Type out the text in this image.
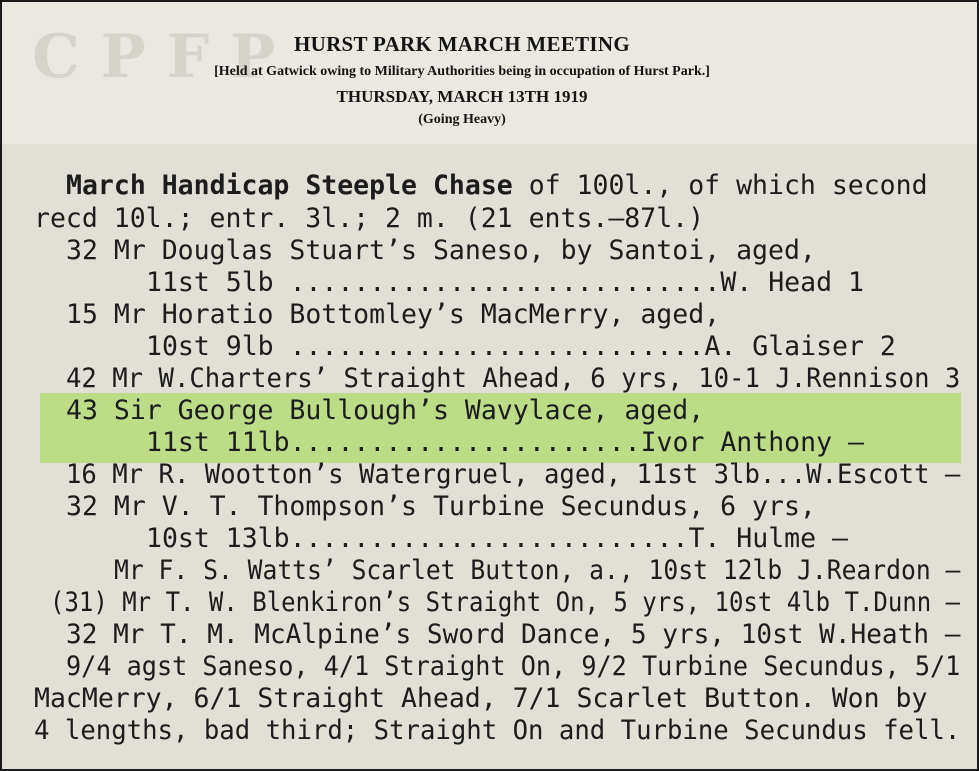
C P F P HURST PARK MARCH MEETING
[Held at Gatwick owing to Military Authorities being in occupation of Hurst Park.]
THURSDAY, MARCH 13TH 1919
(Going Heavy)
March Handicap Steeple Chase of 100l., of which second
recd 10l.; entr. 3l.; 2 m. (21 ents.—87l.)
32 Mr Douglas Stuart’s Saneso, by Santoi, aged,
11st 5lb ...........................W. Head 1
15 Mr Horatio Bottomley’s MacMerry, aged,
10st 9lb ..........................A. Glaiser 2
42 Mr W.Charters’ Straight Ahead, 6 yrs, 10-1 J.Rennison 3
43 Sir George Bullough’s Wavylace, aged,
11st 11lb......................Ivor Anthony –
16 Mr R. Wootton’s Watergruel, aged, 11st 3lb...W.Escott –
32 Mr V. T. Thompson’s Turbine Secundus, 6 yrs,
10st 13lb.........................T. Hulme –
Mr F. S. Watts’ Scarlet Button, a., 10st 12lb J.Reardon –
(31) Mr T. W. Blenkiron’s Straight On, 5 yrs, 10st 4lb T.Dunn –
32 Mr T. M. McAlpine’s Sword Dance, 5 yrs, 10st W.Heath –
9/4 agst Saneso, 4/1 Straight On, 9/2 Turbine Secundus, 5/1
MacMerry, 6/1 Straight Ahead, 7/1 Scarlet Button. Won by
4 lengths, bad third; Straight On and Turbine Secundus fell.
